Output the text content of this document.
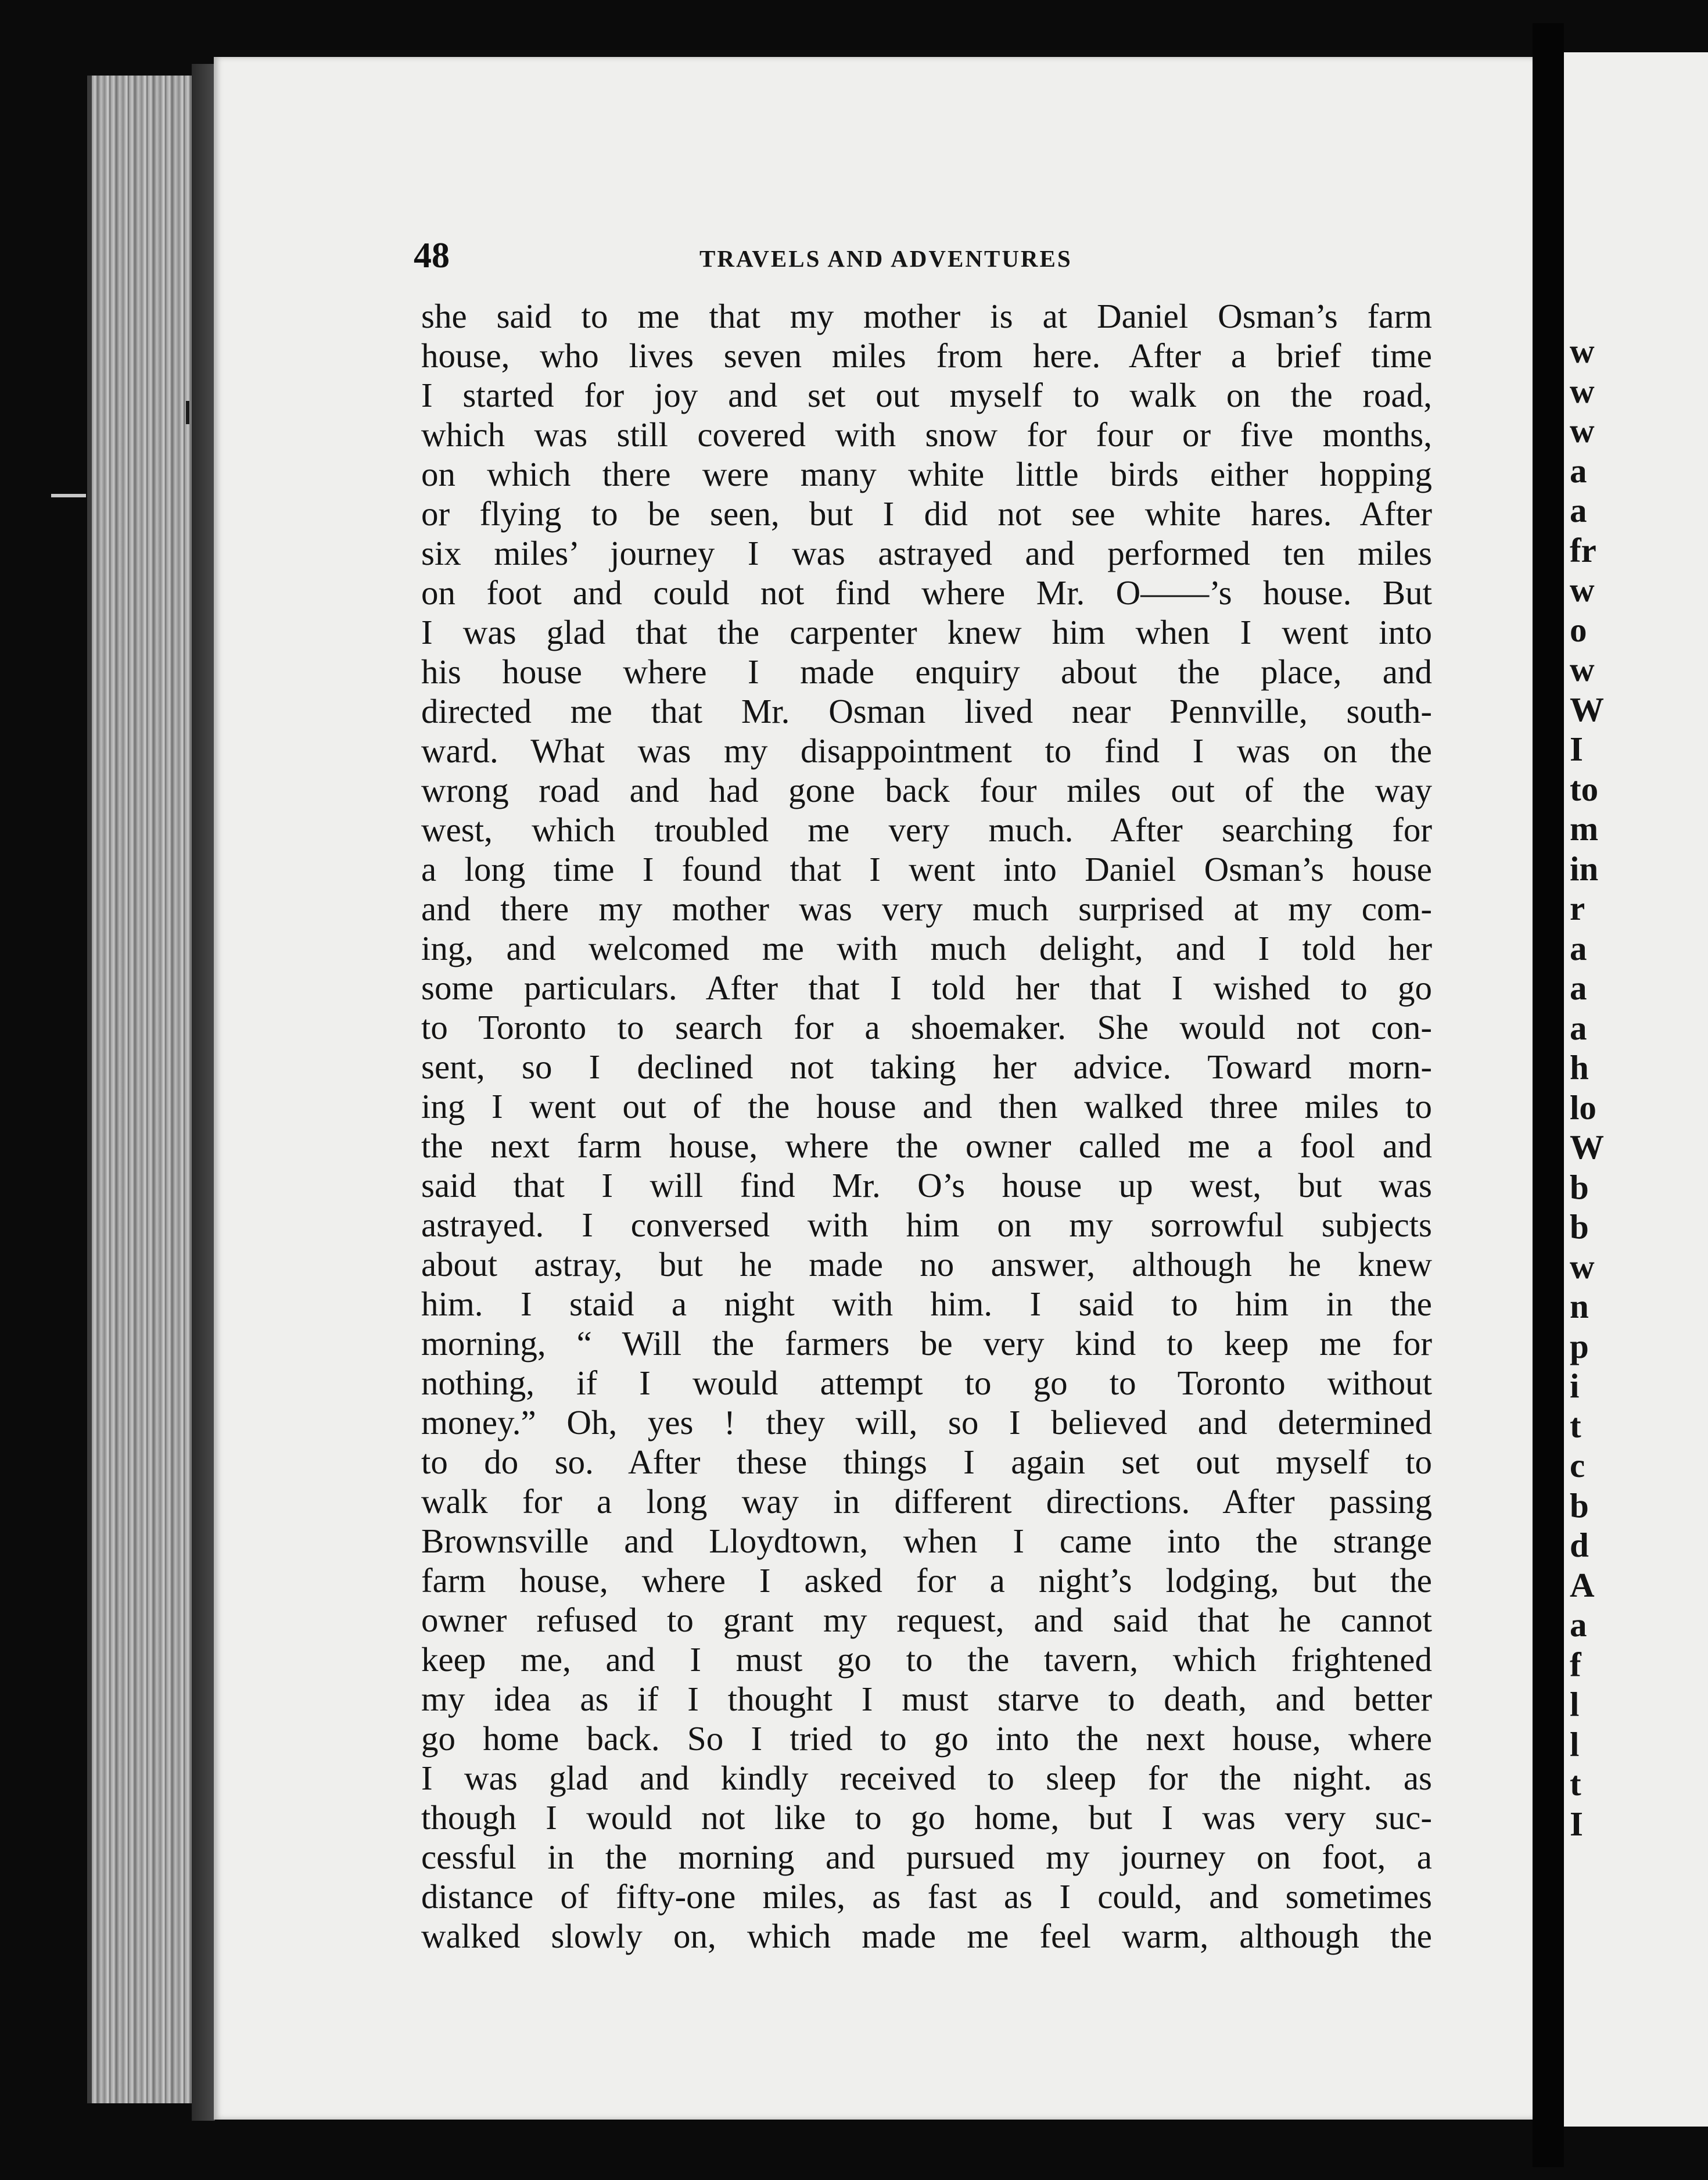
w
w
w
a
a
fr
w
o
w
W
I
to
m
in
r
a
a
a
h
lo
W
b
b
w
n
p
i
t
c
b
d
A
a
f
l
l
t
I
48	TRAVELS AND ADVENTURES
she said to me that my mother is at Daniel Osman’s farm
house, who lives seven miles from here. After a brief time
I started for joy and set out myself to walk on the road,
which was still covered with snow for four or five months,
on which there were many white little birds either hopping
or flying to be seen, but I did not see white hares. After
six miles’ journey I was astrayed and performed ten miles
on foot and could not find where Mr. O——’s house. But
I was glad that the carpenter knew him when I went into
his house where I made enquiry about the place, and
directed me that Mr. Osman lived near Pennville, south-
ward. What was my disappointment to find I was on the
wrong road and had gone back four miles out of the way
west, which troubled me very much. After searching for
a long time I found that I went into Daniel Osman’s house
and there my mother was very much surprised at my com-
ing, and welcomed me with much delight, and I told her
some particulars. After that I told her that I wished to go
to Toronto to search for a shoemaker. She would not con-
sent, so I declined not taking her advice. Toward morn-
ing I went out of the house and then walked three miles to
the next farm house, where the owner called me a fool and
said that I will find Mr. O’s house up west, but was
astrayed. I conversed with him on my sorrowful subjects
about astray, but he made no answer, although he knew
him. I staid a night with him. I said to him in the
morning, “ Will the farmers be very kind to keep me for
nothing, if I would attempt to go to Toronto without
money.” Oh, yes ! they will, so I believed and determined
to do so. After these things I again set out myself to
walk for a long way in different directions. After passing
Brownsville and Lloydtown, when I came into the strange
farm house, where I asked for a night’s lodging, but the
owner refused to grant my request, and said that he cannot
keep me, and I must go to the tavern, which frightened
my idea as if I thought I must starve to death, and better
go home back. So I tried to go into the next house, where
I was glad and kindly received to sleep for the night. as
though I would not like to go home, but I was very suc-
cessful in the morning and pursued my journey on foot, a
distance of fifty-one miles, as fast as I could, and sometimes
walked slowly on, which made me feel warm, although the
